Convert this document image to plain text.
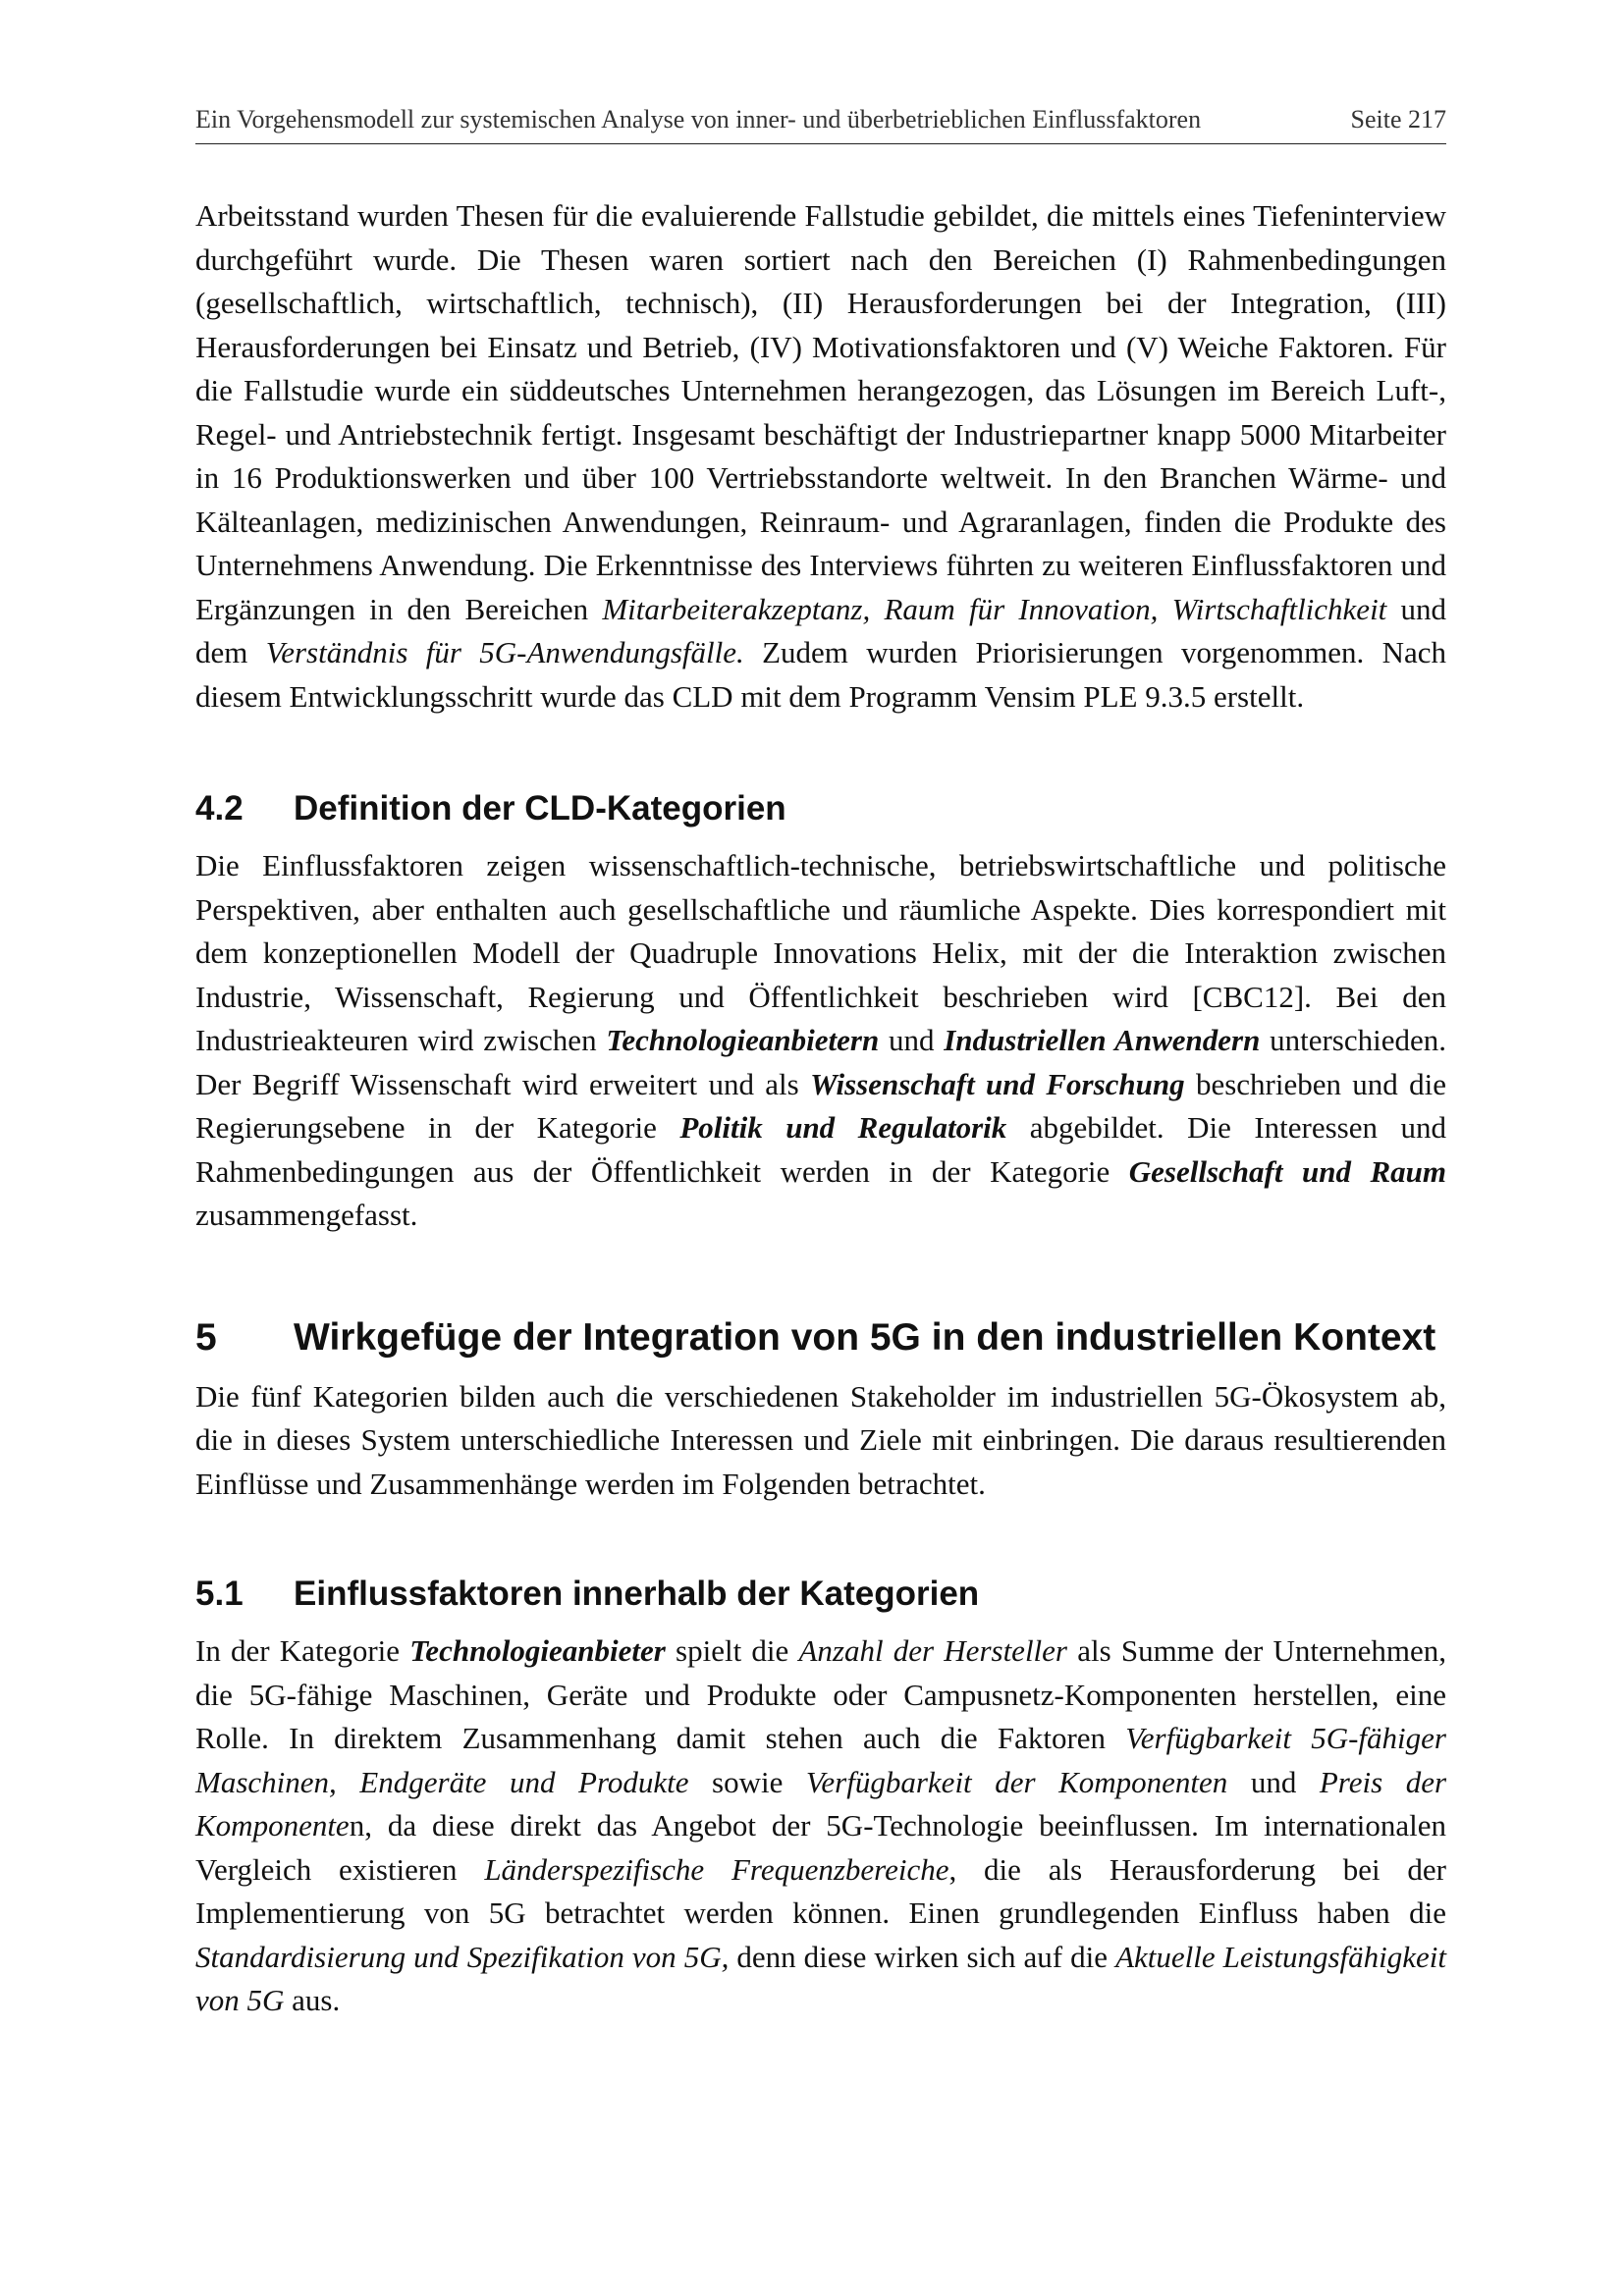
Ein Vorgehensmodell zur systemischen Analyse von inner- und überbetrieblichen Einflussfaktoren	Seite 217

Arbeitsstand wurden Thesen für die evaluierende Fallstudie gebildet, die mittels eines Tiefeninterview durchgeführt wurde. Die Thesen waren sortiert nach den Bereichen (I) Rahmenbedingungen (gesellschaftlich, wirtschaftlich, technisch), (II) Herausforderungen bei der Integration, (III) Herausforderungen bei Einsatz und Betrieb, (IV) Motivationsfaktoren und (V) Weiche Faktoren. Für die Fallstudie wurde ein süddeutsches Unternehmen herangezogen, das Lösungen im Bereich Luft-, Regel- und Antriebstechnik fertigt. Insgesamt beschäftigt der Industriepartner knapp 5000 Mitarbeiter in 16 Produktionswerken und über 100 Vertriebsstandorte weltweit. In den Branchen Wärme- und Kälteanlagen, medizinischen Anwendungen, Reinraum- und Agraranlagen, finden die Produkte des Unternehmens Anwendung. Die Erkenntnisse des Interviews führten zu weiteren Einflussfaktoren und Ergänzungen in den Bereichen Mitarbeiterakzeptanz, Raum für Innovation, Wirtschaftlichkeit und dem Verständnis für 5G-Anwendungsfälle. Zudem wurden Priorisierungen vorgenommen. Nach diesem Entwicklungsschritt wurde das CLD mit dem Programm Vensim PLE 9.3.5 erstellt.

4.2	Definition der CLD-Kategorien

Die Einflussfaktoren zeigen wissenschaftlich-technische, betriebswirtschaftliche und politische Perspektiven, aber enthalten auch gesellschaftliche und räumliche Aspekte. Dies korrespondiert mit dem konzeptionellen Modell der Quadruple Innovations Helix, mit der die Interaktion zwischen Industrie, Wissenschaft, Regierung und Öffentlichkeit beschrieben wird [CBC12]. Bei den Industrieakteuren wird zwischen Technologieanbietern und Industriellen Anwendern unterschieden. Der Begriff Wissenschaft wird erweitert und als Wissenschaft und Forschung beschrieben und die Regierungsebene in der Kategorie Politik und Regulatorik abgebildet. Die Interessen und Rahmenbedingungen aus der Öffentlichkeit werden in der Kategorie Gesellschaft und Raum zusammengefasst.

5	Wirkgefüge der Integration von 5G in den industriellen Kontext

Die fünf Kategorien bilden auch die verschiedenen Stakeholder im industriellen 5G-Ökosystem ab, die in dieses System unterschiedliche Interessen und Ziele mit einbringen. Die daraus resultierenden Einflüsse und Zusammenhänge werden im Folgenden betrachtet.

5.1	Einflussfaktoren innerhalb der Kategorien

In der Kategorie Technologieanbieter spielt die Anzahl der Hersteller als Summe der Unternehmen, die 5G-fähige Maschinen, Geräte und Produkte oder Campusnetz-Komponenten herstellen, eine Rolle. In direktem Zusammenhang damit stehen auch die Faktoren Verfügbarkeit 5G-fähiger Maschinen, Endgeräte und Produkte sowie Verfügbarkeit der Komponenten und Preis der Komponenten, da diese direkt das Angebot der 5G-Technologie beeinflussen. Im internationalen Vergleich existieren Länderspezifische Frequenzbereiche, die als Herausforderung bei der Implementierung von 5G betrachtet werden können. Einen grundlegenden Einfluss haben die Standardisierung und Spezifikation von 5G, denn diese wirken sich auf die Aktuelle Leistungsfähigkeit von 5G aus.
